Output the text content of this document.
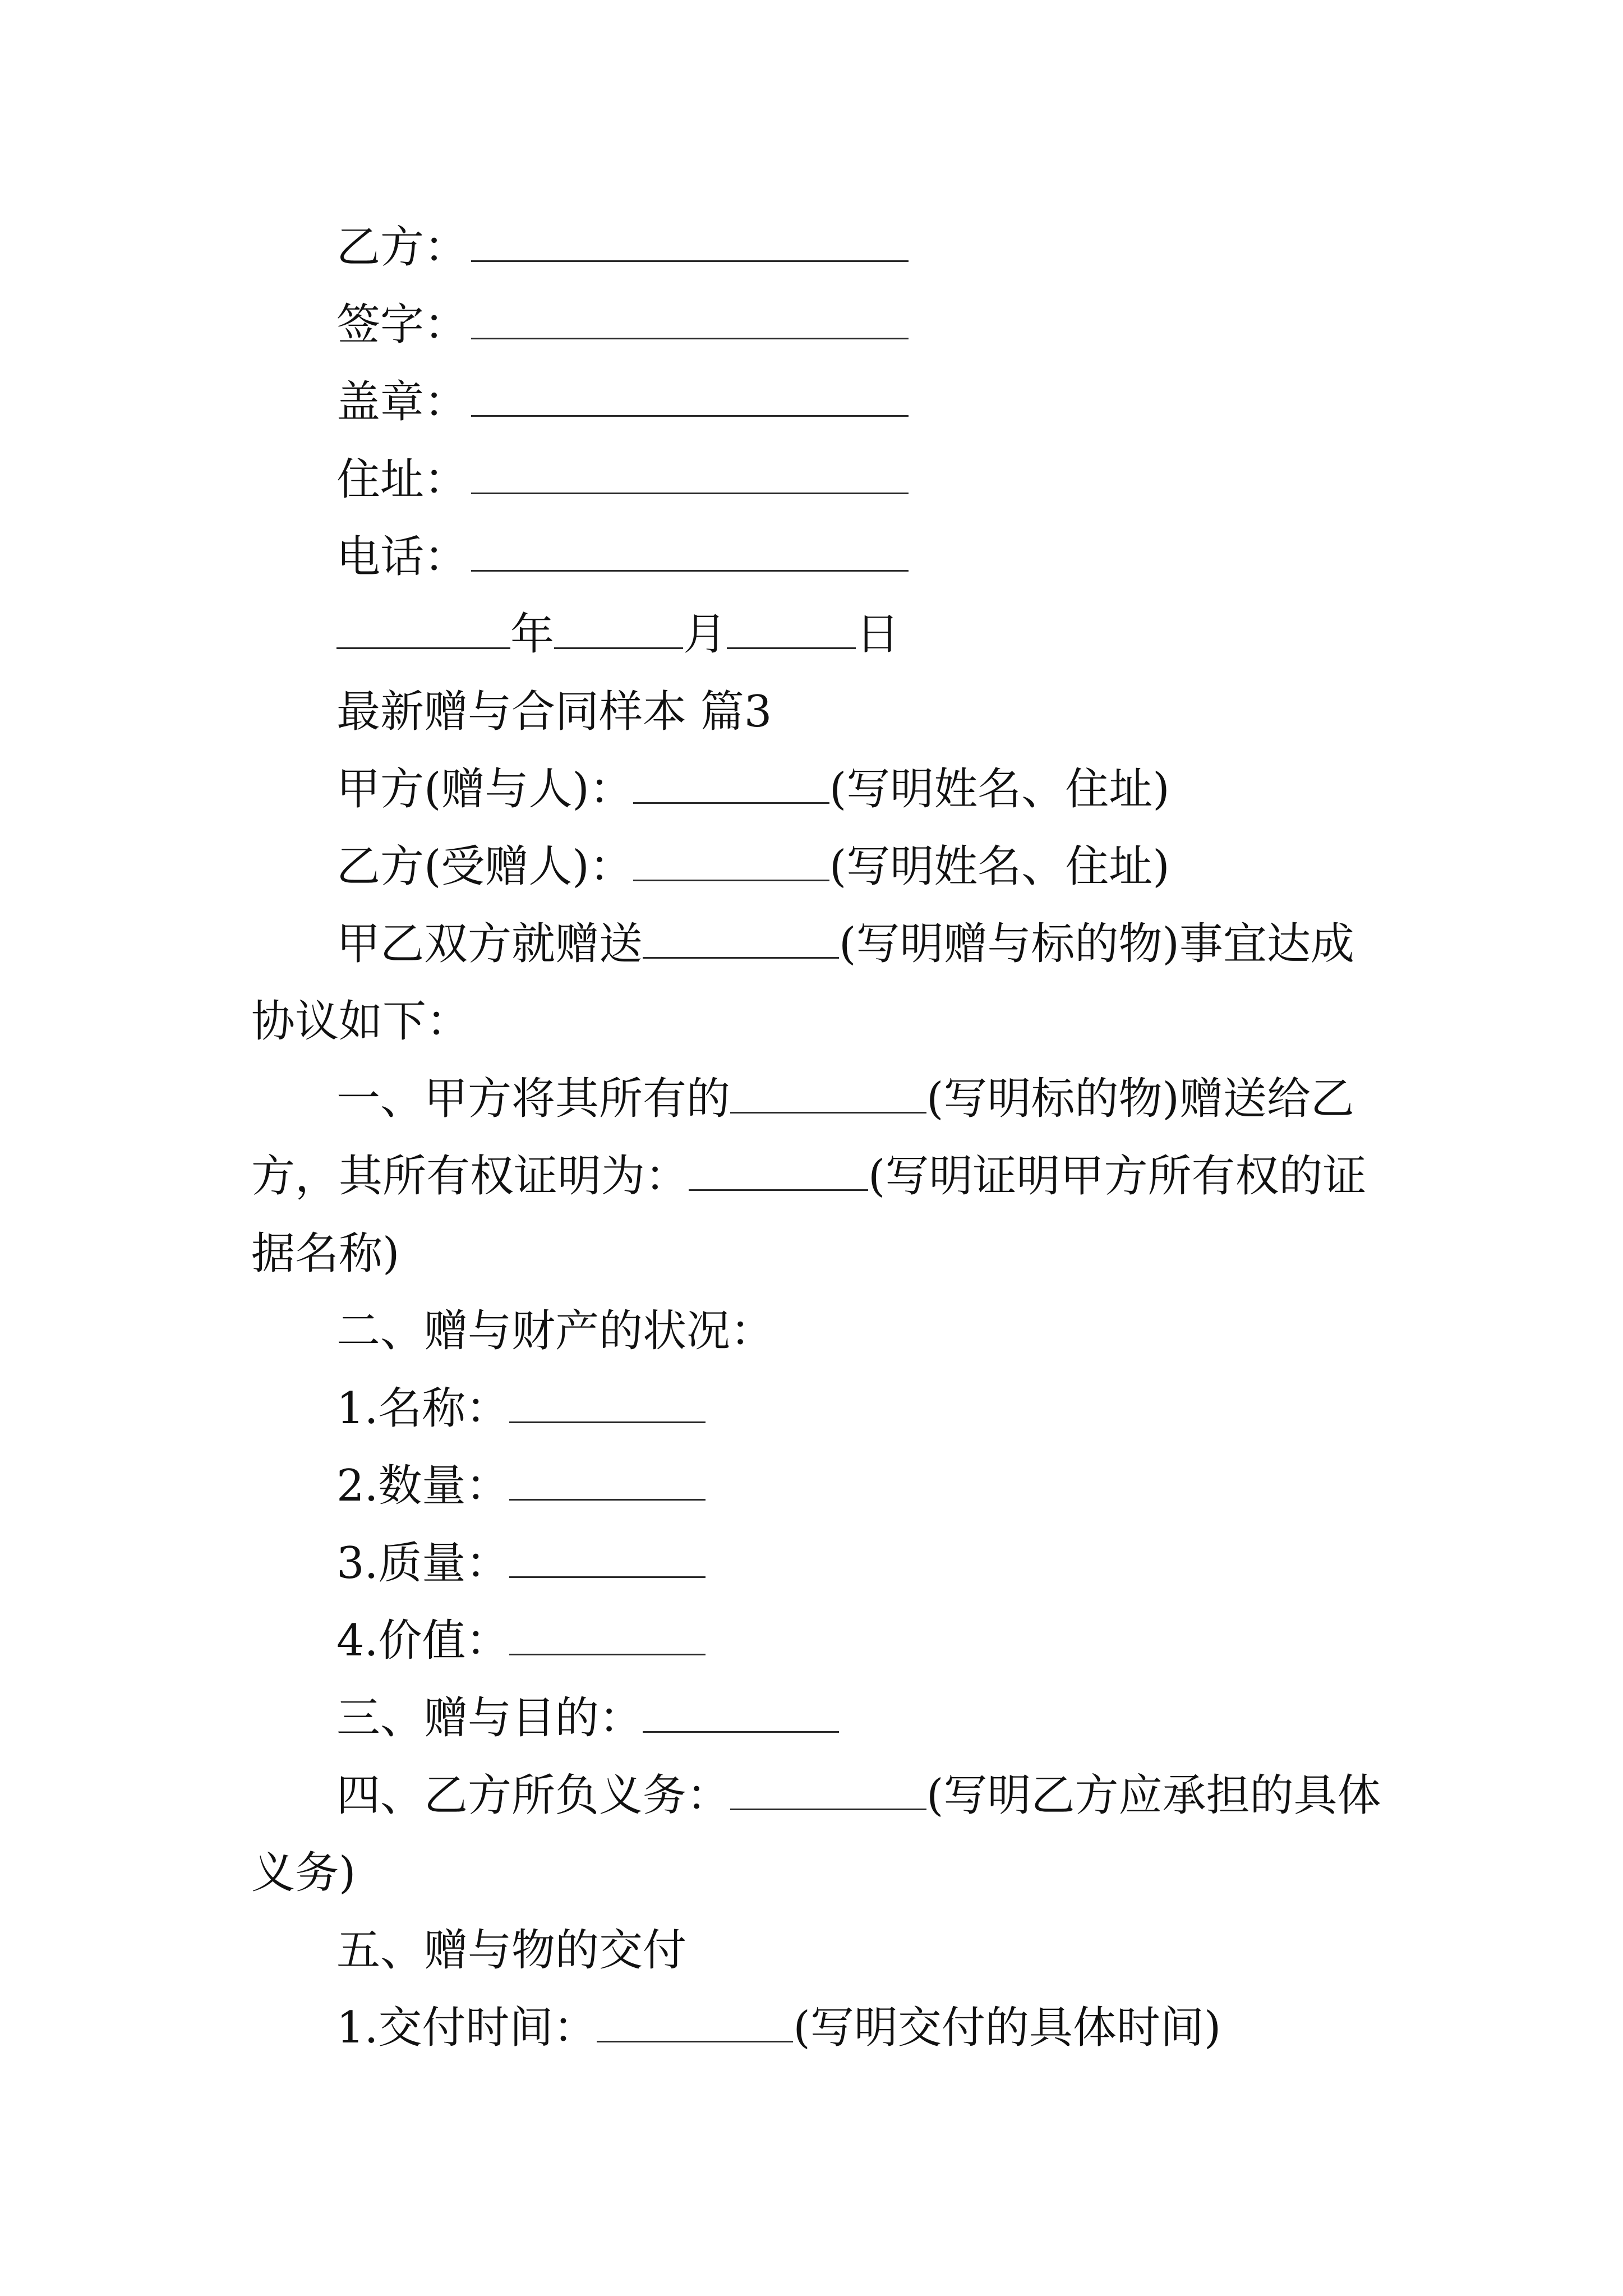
乙方：
签字：
盖章：
住址：
电话：
年	月	日
最新赠与合同样本 篇3
甲方(赠与人)：	(写明姓名、住址)
乙方(受赠人)：	(写明姓名、住址)
甲乙双方就赠送	(写明赠与标的物)事宜达成
协议如下：
一、甲方将其所有的	(写明标的物)赠送给乙
方，其所有权证明为：	(写明证明甲方所有权的证
据名称)
二、赠与财产的状况：
1.名称：
2.数量：
3.质量：
4.价值：
三、赠与目的：
四、乙方所负义务：	(写明乙方应承担的具体
义务)
五、赠与物的交付
1.交付时间：	(写明交付的具体时间)
